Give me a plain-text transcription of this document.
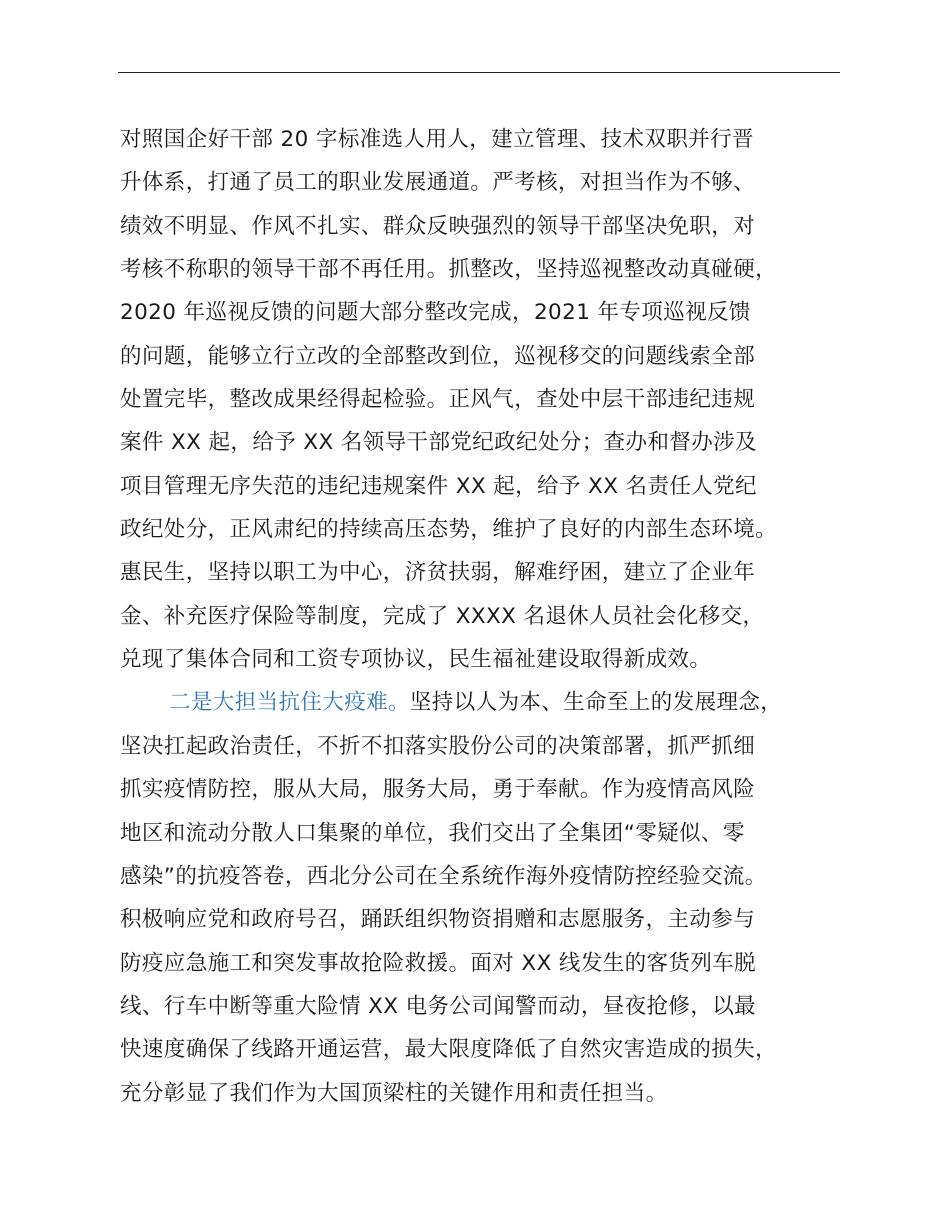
对照国企好干部 20 字标准选人用人，建立管理、技术双职并行晋
升体系，打通了员工的职业发展通道。严考核，对担当作为不够、
绩效不明显、作风不扎实、群众反映强烈的领导干部坚决免职，对
考核不称职的领导干部不再任用。抓整改，坚持巡视整改动真碰硬，
2020 年巡视反馈的问题大部分整改完成，2021 年专项巡视反馈
的问题，能够立行立改的全部整改到位，巡视移交的问题线索全部
处置完毕，整改成果经得起检验。正风气，查处中层干部违纪违规
案件 XX 起，给予 XX 名领导干部党纪政纪处分；查办和督办涉及
项目管理无序失范的违纪违规案件 XX 起，给予 XX 名责任人党纪
政纪处分，正风肃纪的持续高压态势，维护了良好的内部生态环境。
惠民生，坚持以职工为中心，济贫扶弱，解难纾困，建立了企业年
金、补充医疗保险等制度，完成了 XXXX 名退休人员社会化移交，
兑现了集体合同和工资专项协议，民生福祉建设取得新成效。
二是大担当抗住大疫难。坚持以人为本、生命至上的发展理念，
坚决扛起政治责任，不折不扣落实股份公司的决策部署，抓严抓细
抓实疫情防控，服从大局，服务大局，勇于奉献。作为疫情高风险
地区和流动分散人口集聚的单位，我们交出了全集团“零疑似、零
感染”的抗疫答卷，西北分公司在全系统作海外疫情防控经验交流。
积极响应党和政府号召，踊跃组织物资捐赠和志愿服务，主动参与
防疫应急施工和突发事故抢险救援。面对 XX 线发生的客货列车脱
线、行车中断等重大险情 XX 电务公司闻警而动，昼夜抢修，以最
快速度确保了线路开通运营，最大限度降低了自然灾害造成的损失，
充分彰显了我们作为大国顶梁柱的关键作用和责任担当。
